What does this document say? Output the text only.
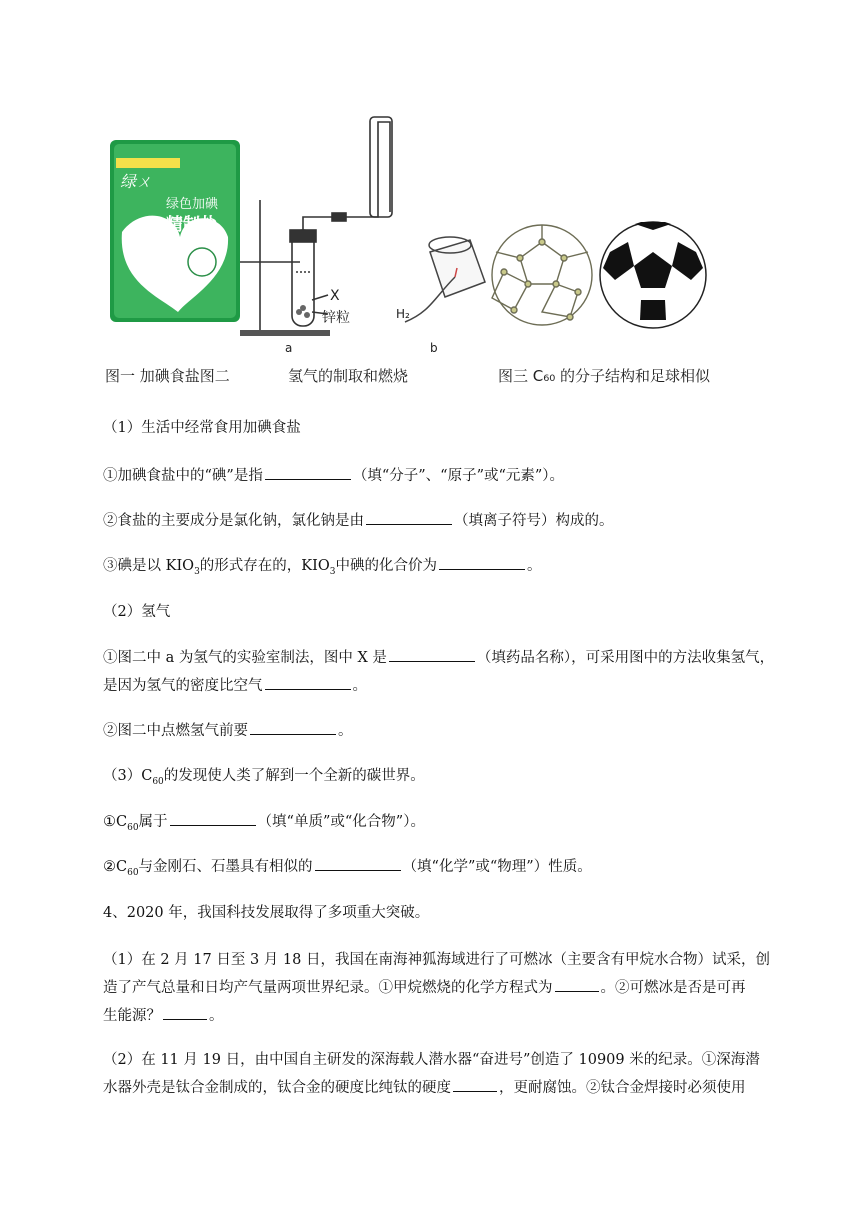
绿ㄨ
绿色加碘
精制盐
X
锌粒
a
H₂
b
图一 加碘食盐图二	氢气的制取和燃烧	图三 C₆₀ 的分子结构和足球相似
（1）生活中经常食用加碘食盐
①加碘食盐中的“碘”是指	（填“分子”、“原子”或“元素”）。
②食盐的主要成分是氯化钠，氯化钠是由	（填离子符号）构成的。
③碘是以 $KIO_3$的形式存在的，$KIO_3$中碘的化合价为	。
（2）氢气
①图二中 a 为氢气的实验室制法，图中 X 是	（填药品名称），可采用图中的方法收集氢气，
是因为氢气的密度比空气	。
②图二中点燃氢气前要	。
$(3)C_{60}$的发现使人类了解到一个全新的碳世界。
$①C_{60}$属于	（填“单质”或“化合物”）。
$②C_{60}$与金刚石、石墨具有相似的	（填“化学”或“物理”）性质。
4、2020 年，我国科技发展取得了多项重大突破。
（1）在 2 月 17 日至 3 月 18 日，我国在南海神狐海域进行了可燃冰（主要含有甲烷水合物）试采，创
造了产气总量和日均产气量两项世界纪录。①甲烷燃烧的化学方程式为	。②可燃冰是否是可再
生能源？	。
（2）在 11 月 19 日，由中国自主研发的深海载人潜水器“奋进号”创造了 10909 米的纪录。①深海潜
水器外壳是钛合金制成的，钛合金的硬度比纯钛的硬度	，更耐腐蚀。②钛合金焊接时必须使用
